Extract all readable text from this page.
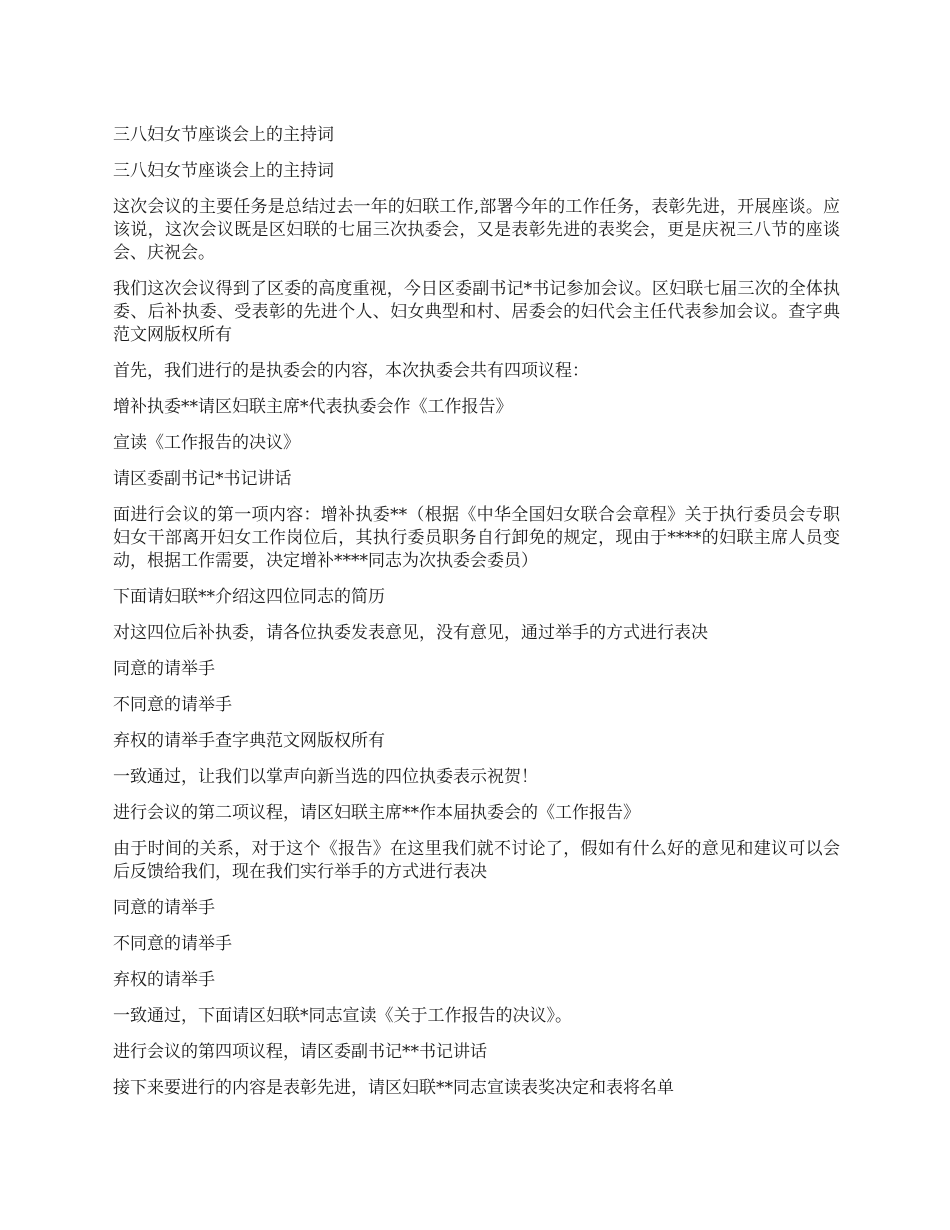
三八妇女节座谈会上的主持词

三八妇女节座谈会上的主持词

这次会议的主要任务是总结过去一年的妇联工作,部署今年的工作任务，表彰先进，开展座谈。应该说，这次会议既是区妇联的七届三次执委会，又是表彰先进的表奖会，更是庆祝三八节的座谈会、庆祝会。

我们这次会议得到了区委的高度重视，今日区委副书记*书记参加会议。区妇联七届三次的全体执委、后补执委、受表彰的先进个人、妇女典型和村、居委会的妇代会主任代表参加会议。查字典范文网版权所有

首先，我们进行的是执委会的内容，本次执委会共有四项议程：

增补执委**请区妇联主席*代表执委会作《工作报告》

宣读《工作报告的决议》

请区委副书记*书记讲话

面进行会议的第一项内容：增补执委**（根据《中华全国妇女联合会章程》关于执行委员会专职妇女干部离开妇女工作岗位后，其执行委员职务自行卸免的规定，现由于****的妇联主席人员变动，根据工作需要，决定增补****同志为次执委会委员）

下面请妇联**介绍这四位同志的简历

对这四位后补执委，请各位执委发表意见，没有意见，通过举手的方式进行表决

同意的请举手

不同意的请举手

弃权的请举手查字典范文网版权所有

一致通过，让我们以掌声向新当选的四位执委表示祝贺！

进行会议的第二项议程，请区妇联主席**作本届执委会的《工作报告》

由于时间的关系，对于这个《报告》在这里我们就不讨论了，假如有什么好的意见和建议可以会后反馈给我们，现在我们实行举手的方式进行表决

同意的请举手

不同意的请举手

弃权的请举手

一致通过，下面请区妇联*同志宣读《关于工作报告的决议》。

进行会议的第四项议程，请区委副书记**书记讲话

接下来要进行的内容是表彰先进，请区妇联**同志宣读表奖决定和表将名单
